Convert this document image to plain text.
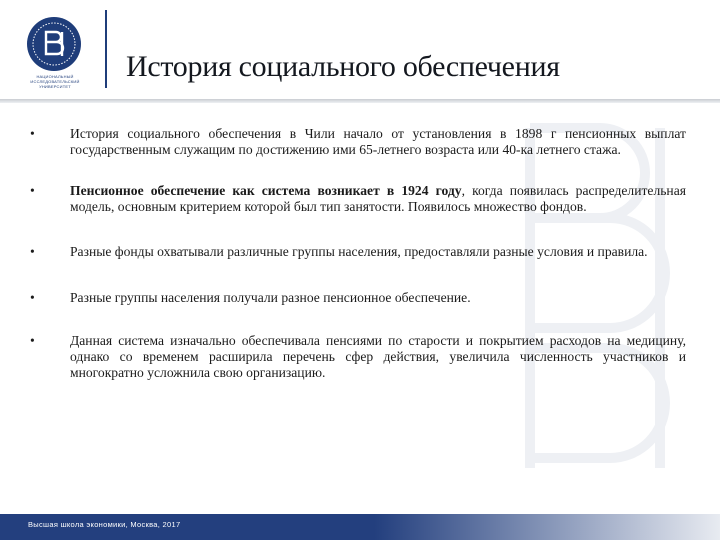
НАЦИОНАЛЬНЫЙ ИССЛЕДОВАТЕЛЬСКИЙ УНИВЕРСИТЕТ
История социального обеспечения
•	История социального обеспечения в Чили начало от установления в 1898 г пенсионных выплат государственным служащим по достижению ими 65-летнего возраста или 40-ка летнего стажа.
•	Пенсионное обеспечение как система возникает в 1924 году, когда появилась распределительная модель, основным критерием которой был тип занятости. Появилось множество фондов.
•	Разные фонды охватывали различные группы населения, предоставляли разные условия и правила.
•	Разные группы населения получали разное пенсионное обеспечение.
•	Данная система изначально обеспечивала пенсиями по старости и покрытием расходов на медицину, однако со временем расширила перечень сфер действия, увеличила численность участников и многократно усложнила свою организацию.
Высшая школа экономики, Москва, 2017
